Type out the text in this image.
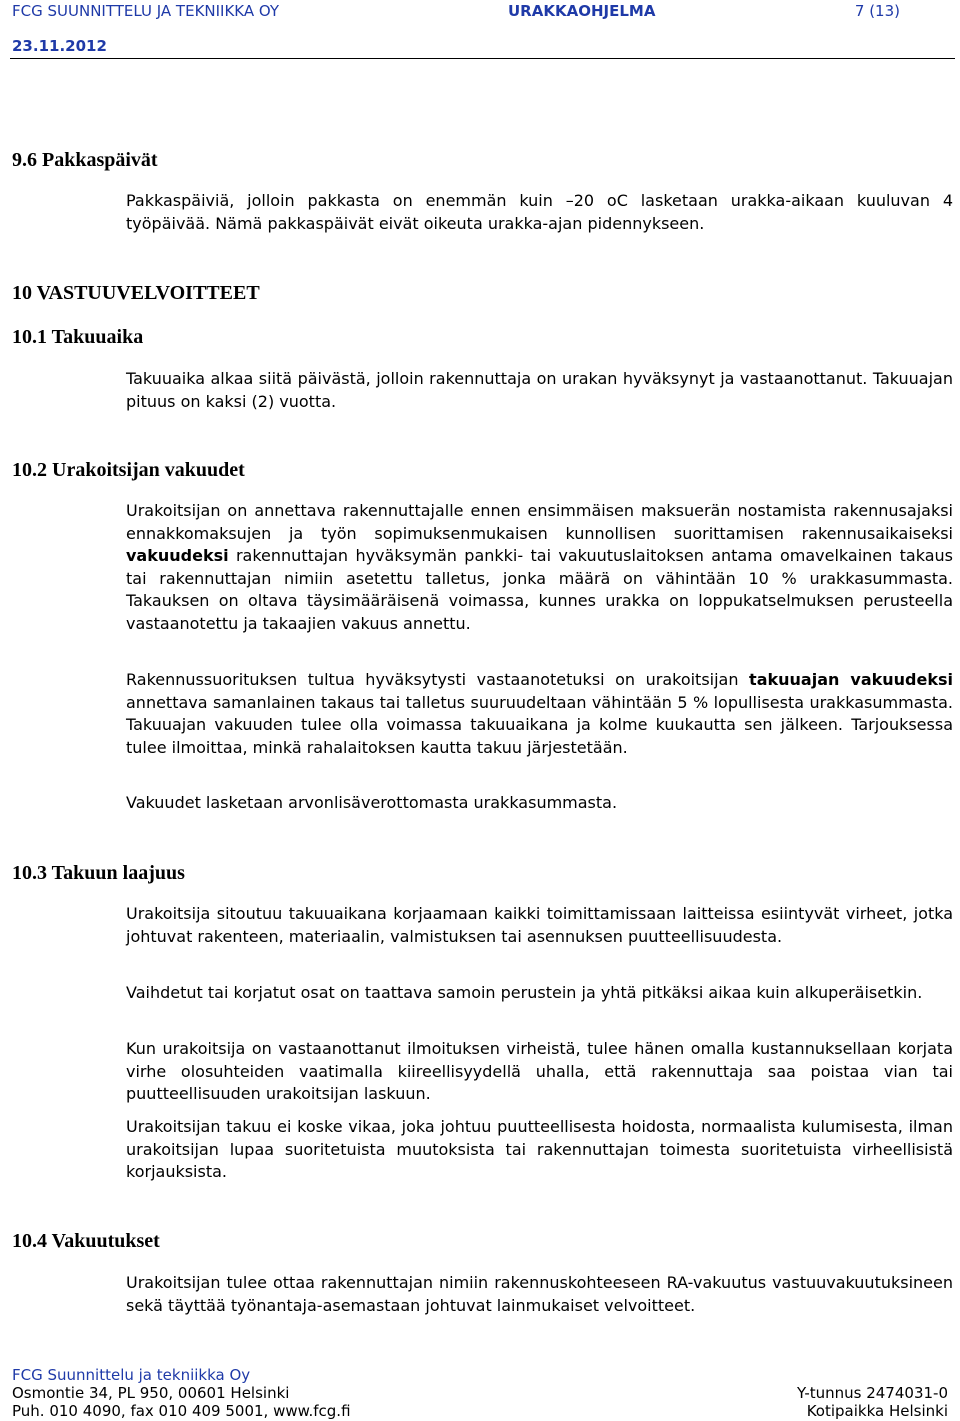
FCG SUUNNITTELU JA TEKNIIKKA OY	URAKKAOHJELMA	7 (13)
23.11.2012
9.6 Pakkaspäivät
Pakkaspäiviä, jolloin pakkasta on enemmän kuin –20 oC lasketaan urakka-aikaan kuuluvan 4 työpäivää. Nämä pakkaspäivät eivät oikeuta urakka-ajan pidennykseen.
10 VASTUUVELVOITTEET
10.1 Takuuaika
Takuuaika alkaa siitä päivästä, jolloin rakennuttaja on urakan hyväksynyt ja vastaanottanut. Takuuajan pituus on kaksi (2) vuotta.
10.2 Urakoitsijan vakuudet
Urakoitsijan on annettava rakennuttajalle ennen ensimmäisen maksuerän nostamista rakennusajaksi ennakkomaksujen ja työn sopimuksenmukaisen kunnollisen suorittamisen rakennusaikaiseksi vakuudeksi rakennuttajan hyväksymän pankki- tai vakuutuslaitoksen antama omavelkainen takaus tai rakennuttajan nimiin asetettu talletus, jonka määrä on vähintään 10 % urakkasummasta. Takauksen on oltava täysimääräisenä voimassa, kunnes urakka on loppukatselmuksen perusteella vastaanotettu ja takaajien vakuus annettu.
Rakennussuorituksen tultua hyväksytysti vastaanotetuksi on urakoitsijan takuuajan vakuudeksi annettava samanlainen takaus tai talletus suuruudeltaan vähintään 5 % lopullisesta urakkasummasta. Takuuajan vakuuden tulee olla voimassa takuuaikana ja kolme kuukautta sen jälkeen. Tarjouksessa tulee ilmoittaa, minkä rahalaitoksen kautta takuu järjestetään.
Vakuudet lasketaan arvonlisäverottomasta urakkasummasta.
10.3 Takuun laajuus
Urakoitsija sitoutuu takuuaikana korjaamaan kaikki toimittamissaan laitteissa esiintyvät virheet, jotka johtuvat rakenteen, materiaalin, valmistuksen tai asennuksen puutteellisuudesta.
Vaihdetut tai korjatut osat on taattava samoin perustein ja yhtä pitkäksi aikaa kuin alkuperäisetkin.
Kun urakoitsija on vastaanottanut ilmoituksen virheistä, tulee hänen omalla kustannuksellaan korjata virhe olosuhteiden vaatimalla kiireellisyydellä uhalla, että rakennuttaja saa poistaa vian tai puutteellisuuden urakoitsijan laskuun.
Urakoitsijan takuu ei koske vikaa, joka johtuu puutteellisesta hoidosta, normaalista kulumisesta, ilman urakoitsijan lupaa suoritetuista muutoksista tai rakennuttajan toimesta suoritetuista virheellisistä korjauksista.
10.4 Vakuutukset
Urakoitsijan tulee ottaa rakennuttajan nimiin rakennuskohteeseen RA-vakuutus vastuuvakuutuksineen sekä täyttää työnantaja-asemastaan johtuvat lainmukaiset velvoitteet.
FCG Suunnittelu ja tekniikka Oy
Osmontie 34, PL 950, 00601 Helsinki
Puh. 010 4090, fax 010 409 5001, www.fcg.fi
Y-tunnus 2474031-0
Kotipaikka Helsinki
